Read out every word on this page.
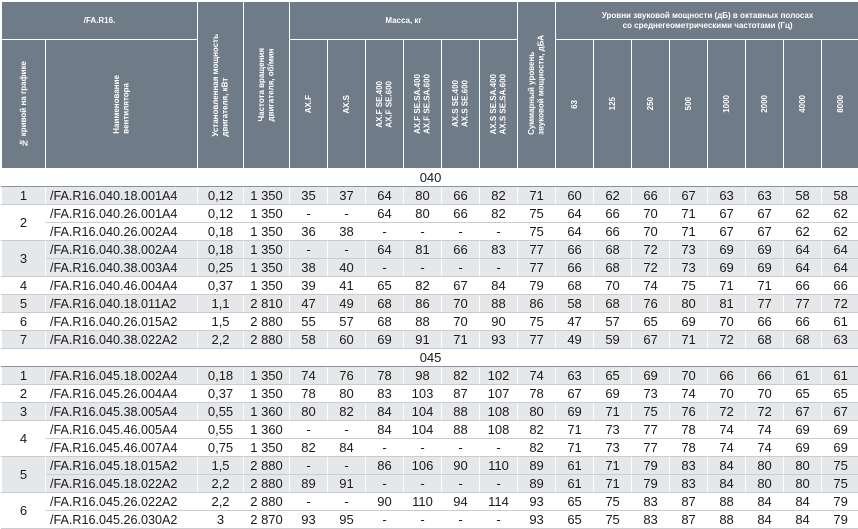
/FA.R16.		Установленная мощность
двигателя, кВт	Частота вращения
двигателя, об/мин	Масса, кг						Суммарный уровень
звуковой мощности, дБА	Уровни звуковой мощности (дБ) в октавных полосах
со среднегеометрическими частотами (Гц)							

№ кривой на графике	Наименование
вентилятора			AX.F	AX.S	AX.F SE.400
AX.F SE.600	AX.F SE.SA.400
AX.F SE.SA.600	AX.S SE.400
AX.S SE.600	AX.S SE.SA.400
AX.S SE.SA.600		63	125	250	500	1000	2000	4000	8000

040																		
1	/FA.R16.040.18.001A4	0,12	1 350	35	37	64	80	66	82	71	60	62	66	67	63	63	58	58
2	/FA.R16.040.26.001A4	0,12	1 350	-	-	64	80	66	82	75	64	66	70	71	67	67	62	62
	/FA.R16.040.26.002A4	0,18	1 350	36	38	-	-	-	-	75	64	66	70	71	67	67	62	62
3	/FA.R16.040.38.002A4	0,18	1 350	-	-	64	81	66	83	77	66	68	72	73	69	69	64	64
	/FA.R16.040.38.003A4	0,25	1 350	38	40	-	-	-	-	77	66	68	72	73	69	69	64	64
4	/FA.R16.040.46.004A4	0,37	1 350	39	41	65	82	67	84	79	68	70	74	75	71	71	66	66
5	/FA.R16.040.18.011A2	1,1	2 810	47	49	68	86	70	88	86	58	68	76	80	81	77	77	72
6	/FA.R16.040.26.015A2	1,5	2 880	55	57	68	88	70	90	75	47	57	65	69	70	66	66	61
7	/FA.R16.040.38.022A2	2,2	2 880	58	60	69	91	71	93	77	49	59	67	71	72	68	68	63
045																		
1	/FA.R16.045.18.002A4	0,18	1 350	74	76	78	98	82	102	74	63	65	69	70	66	66	61	61
2	/FA.R16.045.26.004A4	0,37	1 350	78	80	83	103	87	107	78	67	69	73	74	70	70	65	65
3	/FA.R16.045.38.005A4	0,55	1 360	80	82	84	104	88	108	80	69	71	75	76	72	72	67	67
4	/FA.R16.045.46.005A4	0,55	1 360	-	-	84	104	88	108	82	71	73	77	78	74	74	69	69
	/FA.R16.045.46.007A4	0,75	1 350	82	84	-	-	-	-	82	71	73	77	78	74	74	69	69
5	/FA.R16.045.18.015A2	1,5	2 880	-	-	86	106	90	110	89	61	71	79	83	84	80	80	75
	/FA.R16.045.18.022A2	2,2	2 880	89	91	-	-	-	-	89	61	71	79	83	84	80	80	75
6	/FA.R16.045.26.022A2	2,2	2 880	-	-	90	110	94	114	93	65	75	83	87	88	84	84	79
	/FA.R16.045.26.030A2	3	2 870	93	95	-	-	-	-	93	65	75	83	87	88	84	84	79
